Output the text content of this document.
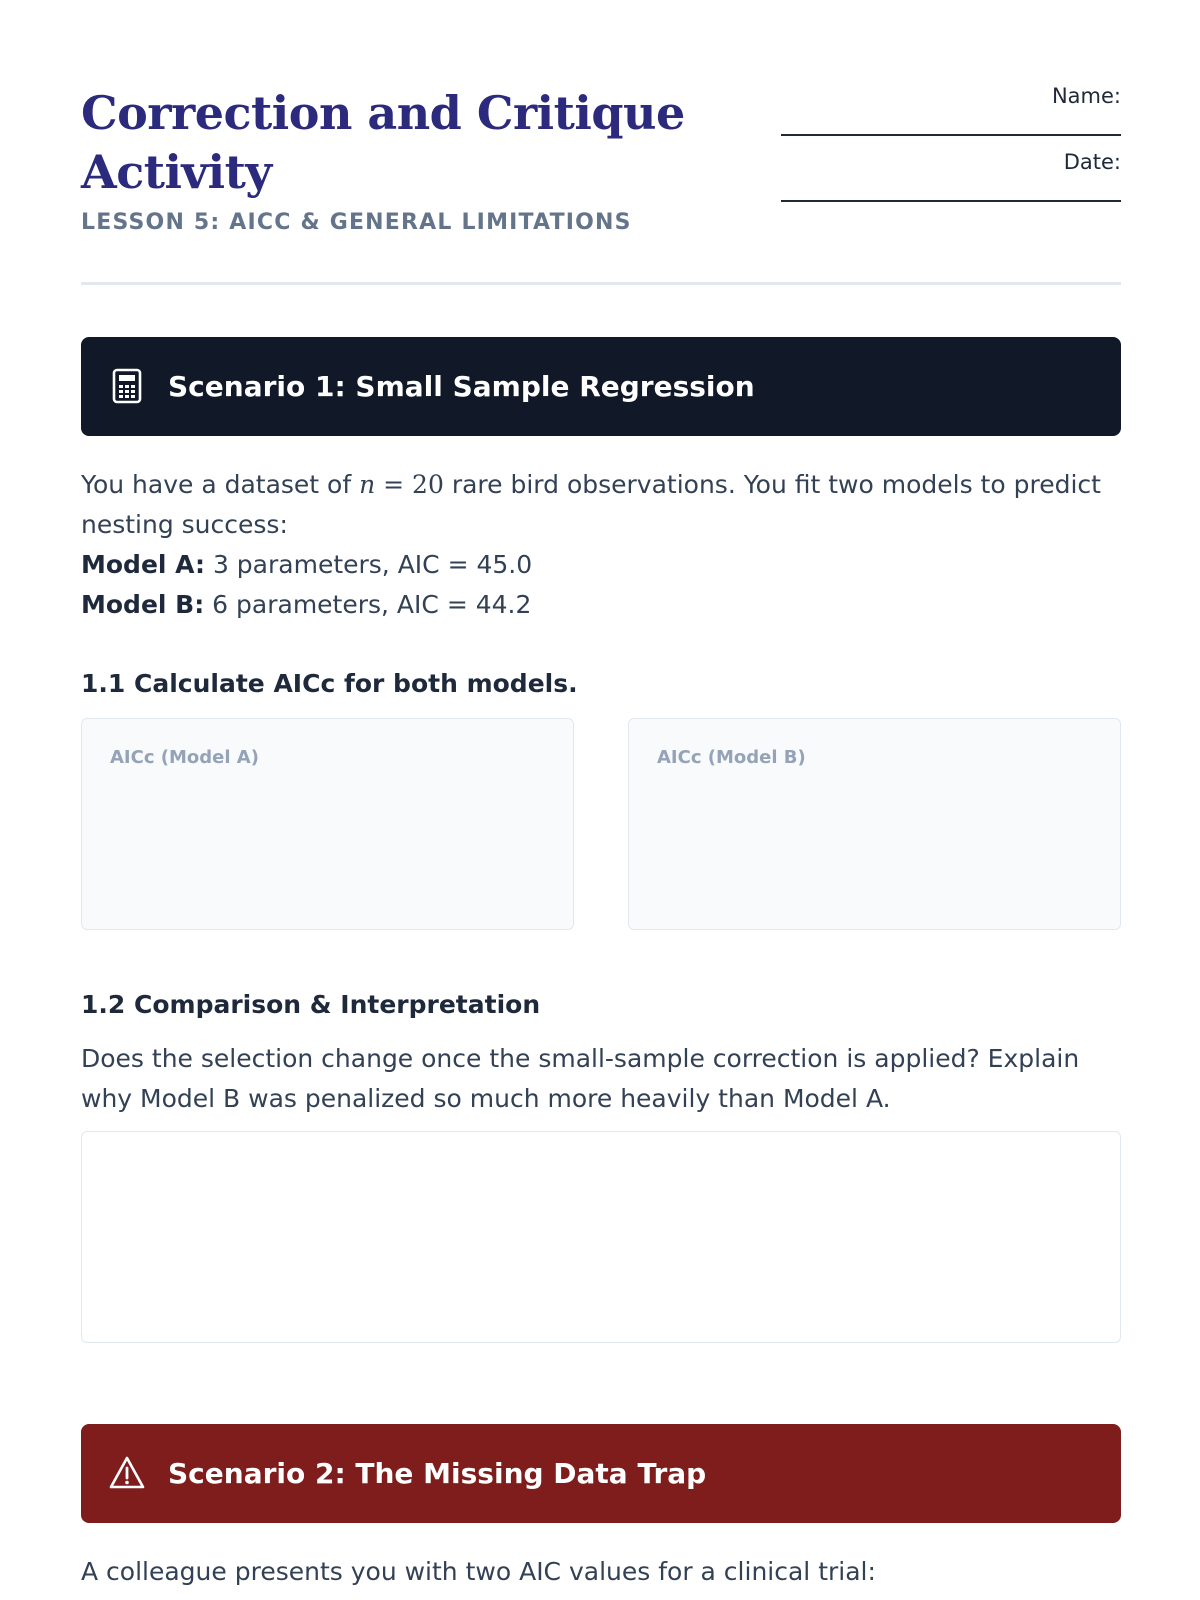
Correction and Critique Activity
LESSON 5: AICC & GENERAL LIMITATIONS
Name:
Date:
Scenario 1: Small Sample Regression
You have a dataset of n = 20 rare bird observations. You fit two models to predict nesting success:
Model A: 3 parameters, AIC = 45.0
Model B: 6 parameters, AIC = 44.2
1.1 Calculate AICc for both models.
AICc (Model A)	AICc (Model B)
1.2 Comparison & Interpretation
Does the selection change once the small-sample correction is applied? Explain why Model B was penalized so much more heavily than Model A.
Scenario 2: The Missing Data Trap
A colleague presents you with two AIC values for a clinical trial:
